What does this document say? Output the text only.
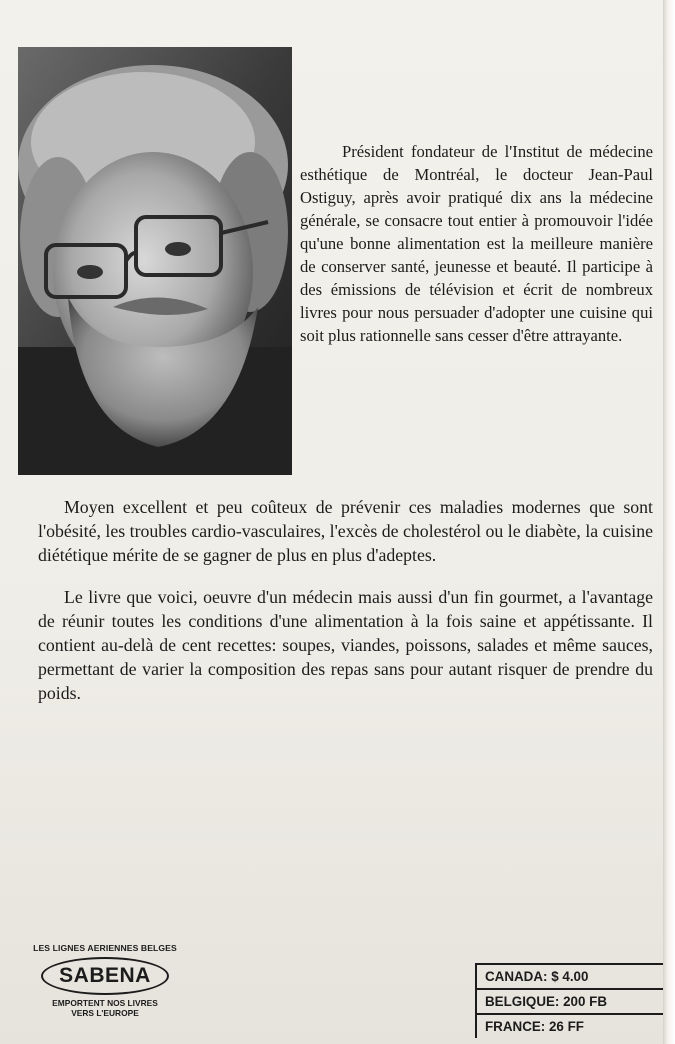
Président fondateur de l'Institut de médecine esthétique de Montréal, le docteur Jean-Paul Ostiguy, après avoir pratiqué dix ans la médecine générale, se consacre tout entier à promouvoir l'idée qu'une bonne alimentation est la meilleure manière de conserver santé, jeunesse et beauté. Il participe à des émissions de télévision et écrit de nombreux livres pour nous persuader d'adopter une cuisine qui soit plus rationnelle sans cesser d'être attrayante.

Moyen excellent et peu coûteux de prévenir ces maladies modernes que sont l'obésité, les troubles cardio-vasculaires, l'excès de cholestérol ou le diabète, la cuisine diététique mérite de se gagner de plus en plus d'adeptes.

Le livre que voici, oeuvre d'un médecin mais aussi d'un fin gourmet, a l'avantage de réunir toutes les conditions d'une alimentation à la fois saine et appétissante. Il contient au-delà de cent recettes: soupes, viandes, poissons, salades et même sauces, permettant de varier la composition des repas sans pour autant risquer de prendre du poids.

LES LIGNES AERIENNES BELGES
SABENA
EMPORTENT NOS LIVRES
VERS L'EUROPE
CANADA: $ 4.00
BELGIQUE: 200 FB
FRANCE: 26 FF
